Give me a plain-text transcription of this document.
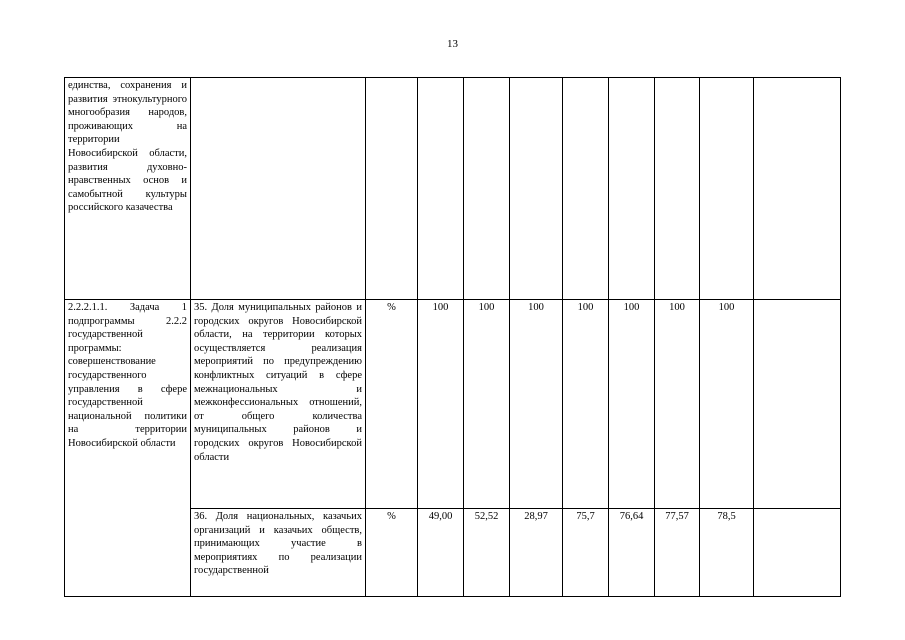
13
единства, сохранения и развития этнокультурного многообразия народов, проживающих на территории Новосибирской области, развития духовно-нравственных основ и самобытной культуры российского казачества										
2.2.2.1.1. Задача 1 подпрограммы 2.2.2 государственной программы: совершенствование государственного управления в сфере государственной национальной политики на территории Новосибирской области	35. Доля муниципальных районов и городских округов Новосибирской области, на территории которых осуществляется реализация мероприятий по предупреждению конфликтных ситуаций в сфере межнациональных и межконфессиональных отношений, от общего количества муниципальных районов и городских округов Новосибирской области	%	100	100	100	100	100	100	100	
	36. Доля национальных, казачьих организаций и казачьих обществ, принимающих участие в мероприятиях по реализации государственной	%	49,00	52,52	28,97	75,7	76,64	77,57	78,5	
